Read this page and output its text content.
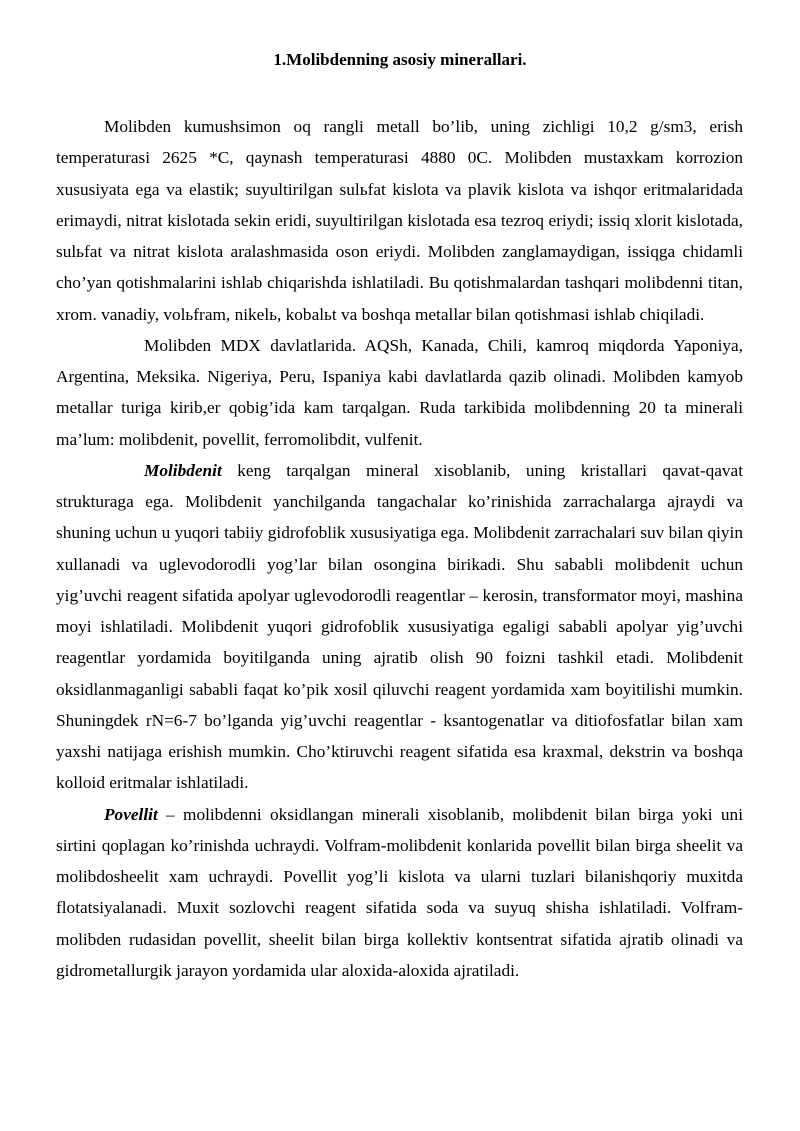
1.Molibdenning asosiy minerallari.

Molibden kumushsimon oq rangli metall bo’lib, uning zichligi 10,2 g/sm3, erish temperaturasi 2625 *C, qaynash temperaturasi 4880 0C. Molibden mustaxkam korrozion xususiyata ega va elastik; suyultirilgan sulьfat kislota va plavik kislota va ishqor eritmalaridada erimaydi, nitrat kislotada sekin eridi, suyultirilgan kislotada esa tezroq eriydi; issiq xlorit kislotada, sulьfat va nitrat kislota aralashmasida oson eriydi. Molibden zanglamaydigan, issiqga chidamli cho’yan qotishmalarini ishlab chiqarishda ishlatiladi. Bu qotishmalardan tashqari molibdenni titan, xrom. vanadiy, volьfram, nikelь, kobalьt va boshqa metallar bilan qotishmasi ishlab chiqiladi.

Molibden MDX davlatlarida. AQSh, Kanada, Chili, kamroq miqdorda Yaponiya, Argentina, Meksika. Nigeriya, Peru, Ispaniya kabi davlatlarda qazib olinadi. Molibden kamyob metallar turiga kirib,er qobig’ida kam tarqalgan. Ruda tarkibida molibdenning 20 ta minerali ma’lum: molibdenit, povellit, ferromolibdit, vulfenit.

Molibdenit keng tarqalgan mineral xisoblanib, uning kristallari qavat-qavat strukturaga ega. Molibdenit yanchilganda tangachalar ko’rinishida zarrachalarga ajraydi va shuning uchun u yuqori tabiiy gidrofoblik xususiyatiga ega. Molibdenit zarrachalari suv bilan qiyin xullanadi va uglevodorodli yog’lar bilan osongina birikadi. Shu sababli molibdenit uchun yig’uvchi reagent sifatida apolyar uglevodorodli reagentlar – kerosin, transformator moyi, mashina moyi ishlatiladi. Molibdenit yuqori gidrofoblik xususiyatiga egaligi sababli apolyar yig’uvchi reagentlar yordamida boyitilganda uning ajratib olish 90 foizni tashkil etadi. Molibdenit oksidlanmaganligi sababli faqat ko’pik xosil qiluvchi reagent yordamida xam boyitilishi mumkin. Shuningdek rN=6-7 bo’lganda yig’uvchi reagentlar - ksantogenatlar va ditiofosfatlar bilan xam yaxshi natijaga erishish mumkin. Cho’ktiruvchi reagent sifatida esa kraxmal, dekstrin va boshqa kolloid eritmalar ishlatiladi.

Povellit – molibdenni oksidlangan minerali xisoblanib, molibdenit bilan birga yoki uni sirtini qoplagan ko’rinishda uchraydi. Volfram-molibdenit konlarida povellit bilan birga sheelit va molibdosheelit xam uchraydi. Povellit yog’li kislota va ularni tuzlari bilanishqoriy muxitda flotatsiyalanadi. Muxit sozlovchi reagent sifatida soda va suyuq shisha ishlatiladi. Volfram-molibden rudasidan povellit, sheelit bilan birga kollektiv kontsentrat sifatida ajratib olinadi va gidrometallurgik jarayon yordamida ular aloxida-aloxida ajratiladi.
